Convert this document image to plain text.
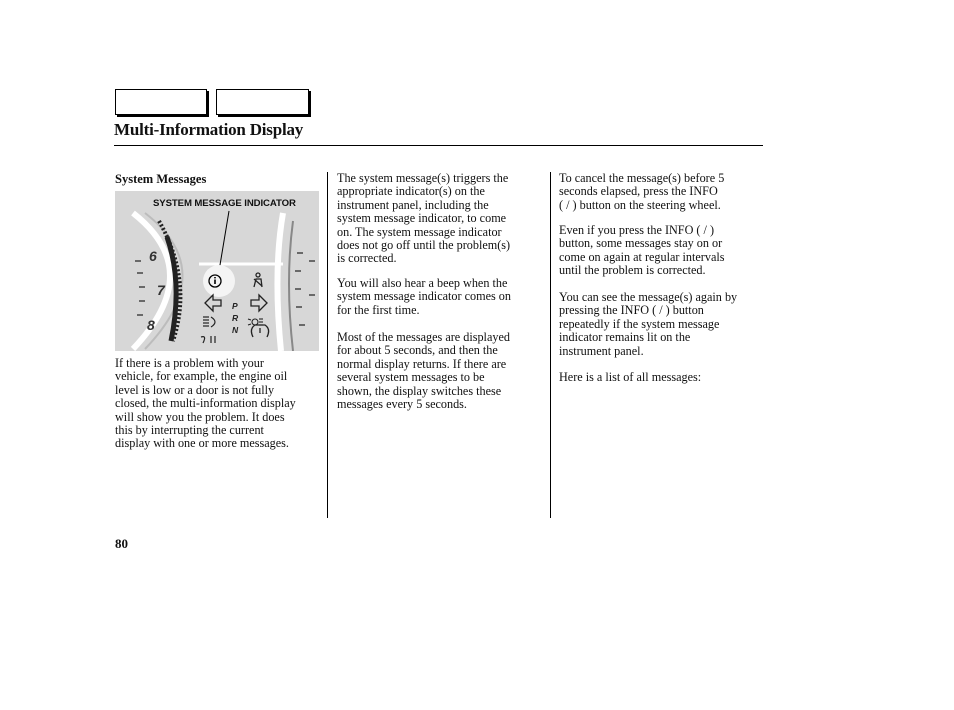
Multi-Information Display
System Messages
6
7
8
P
R
N
SYSTEM MESSAGE INDICATOR

If there is a problem with your
vehicle, for example, the engine oil
level is low or a door is not fully
closed, the multi-information display
will show you the problem. It does
this by interrupting the current
display with one or more messages.

The system message(s) triggers the
appropriate indicator(s) on the
instrument panel, including the
system message indicator, to come
on. The system message indicator
does not go off until the problem(s)
is corrected.

You will also hear a beep when the
system message indicator comes on
for the first time.

Most of the messages are displayed
for about 5 seconds, and then the
normal display returns. If there are
several system messages to be
shown, the display switches these
messages every 5 seconds.

To cancel the message(s) before 5
seconds elapsed, press the INFO
( / ) button on the steering wheel.

Even if you press the INFO ( / )
button, some messages stay on or
come on again at regular intervals
until the problem is corrected.

You can see the message(s) again by
pressing the INFO ( / ) button
repeatedly if the system message
indicator remains lit on the
instrument panel.

Here is a list of all messages:

80
